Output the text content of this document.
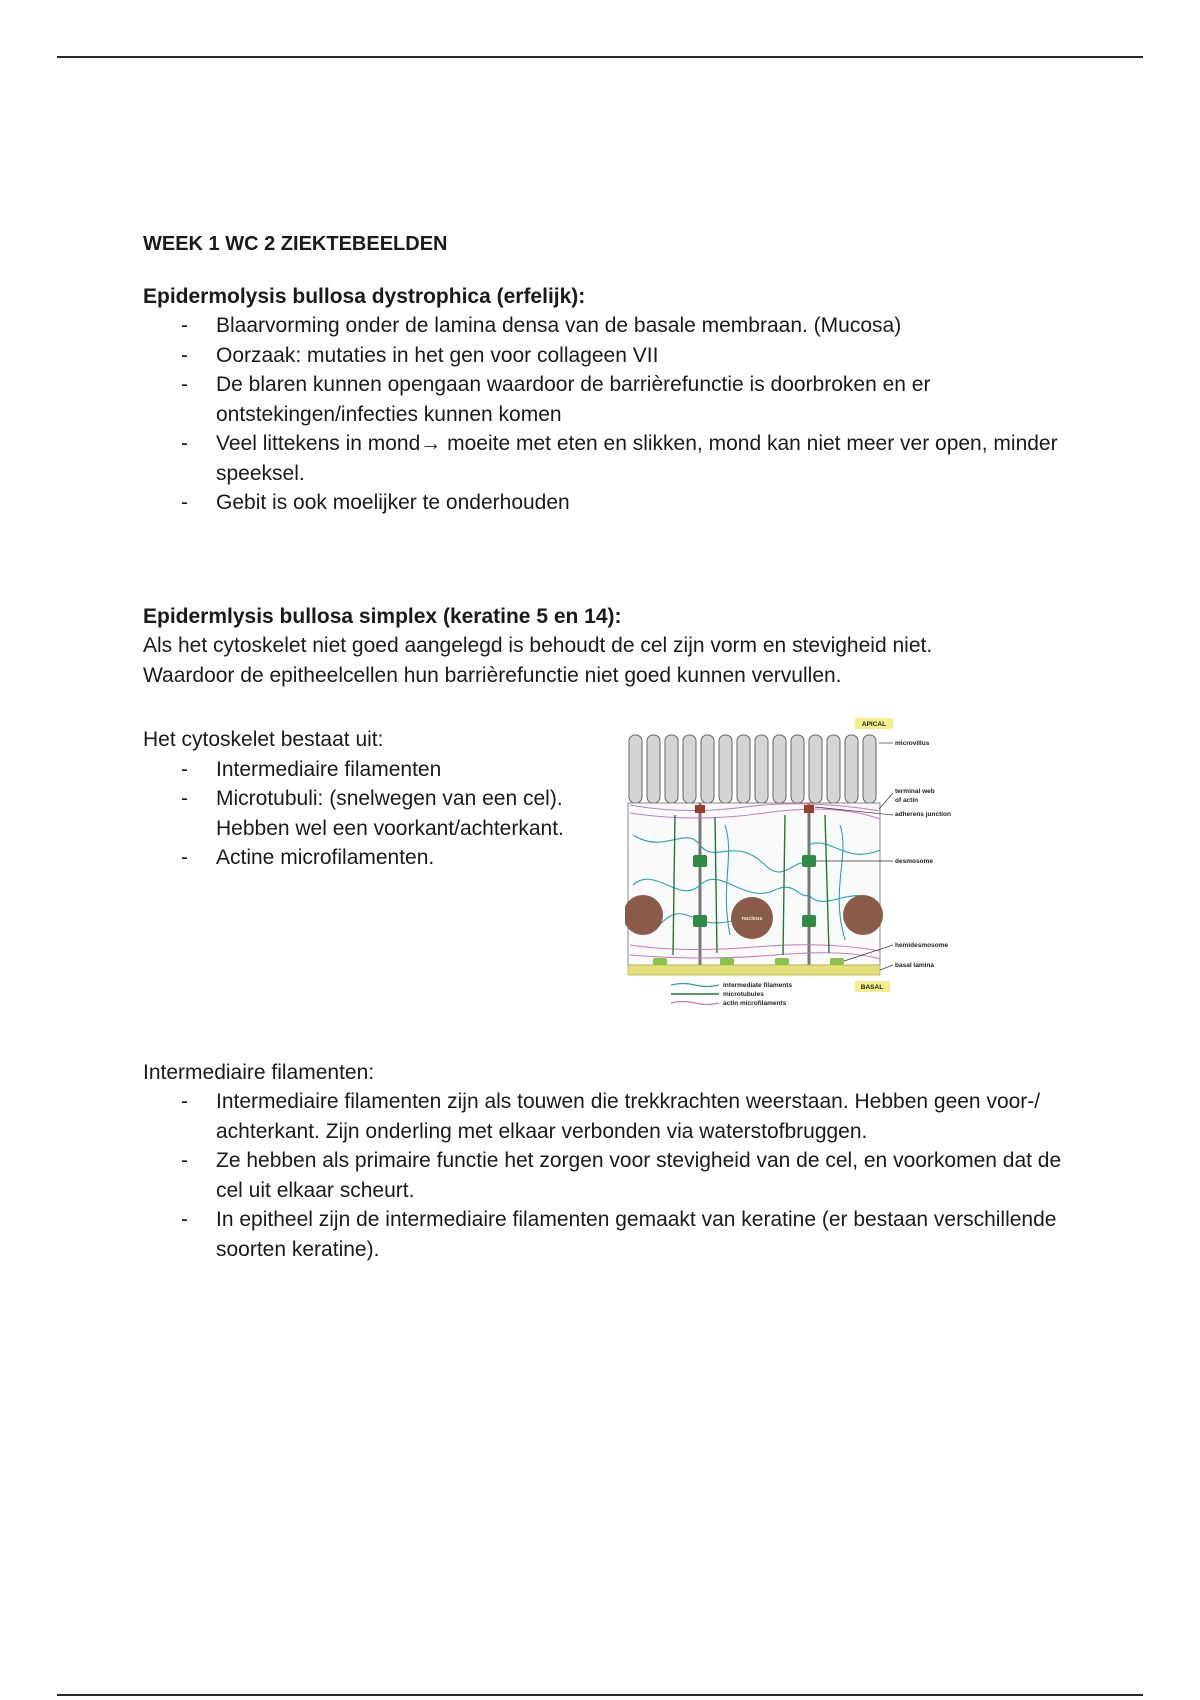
WEEK 1 WC 2 ZIEKTEBEELDEN
Epidermolysis bullosa dystrophica (erfelijk):
- Blaarvorming onder de lamina densa van de basale membraan. (Mucosa)
- Oorzaak: mutaties in het gen voor collageen VII
- De blaren kunnen opengaan waardoor de barrièrefunctie is doorbroken en er ontstekingen/infecties kunnen komen
- Veel littekens in mond→ moeite met eten en slikken, mond kan niet meer ver open, minder speeksel.
- Gebit is ook moelijker te onderhouden
Epidermlysis bullosa simplex (keratine 5 en 14):

Als het cytoskelet niet goed aangelegd is behoudt de cel zijn vorm en stevigheid niet.

Waardoor de epitheelcellen hun barrièrefunctie niet goed kunnen vervullen.

Het cytoskelet bestaat uit:

- Intermediaire filamenten
- Microtubuli: (snelwegen van een cel). Hebben wel een voorkant/achterkant.
- Actine microfilamenten.

Intermediaire filamenten:

- Intermediaire filamenten zijn als touwen die trekkrachten weerstaan. Hebben geen voor-/ achterkant. Zijn onderling met elkaar verbonden via waterstofbruggen.
- Ze hebben als primaire functie het zorgen voor stevigheid van de cel, en voorkomen dat de cel uit elkaar scheurt.
- In epitheel zijn de intermediaire filamenten gemaakt van keratine (er bestaan verschillende soorten keratine).
nucleus
APICAL
BASAL
microvillus
terminal web
of actin
adherens junction
desmosome
hemidesmosome
basal lamina
intermediate filaments
microtubules
actin microfilaments
